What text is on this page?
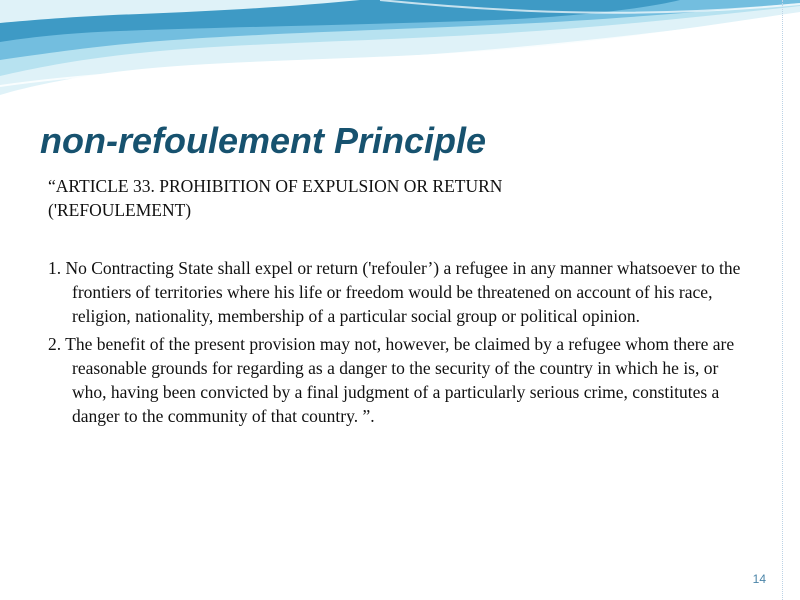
non-refoulement Principle

“ARTICLE 33. PROHIBITION OF EXPULSION OR RETURN

('REFOULEMENT)

1. No Contracting State shall expel or return ('refouler’) a refugee in any manner whatsoever to the frontiers of territories where his life or freedom would be threatened on account of his race, religion, nationality, membership of a particular social group or political opinion.

2. The benefit of the present provision may not, however, be claimed by a refugee whom there are reasonable grounds for regarding as a danger to the security of the country in which he is, or who, having been convicted by a final judgment of a particularly serious crime, constitutes a danger to the community of that country. ”.

14
